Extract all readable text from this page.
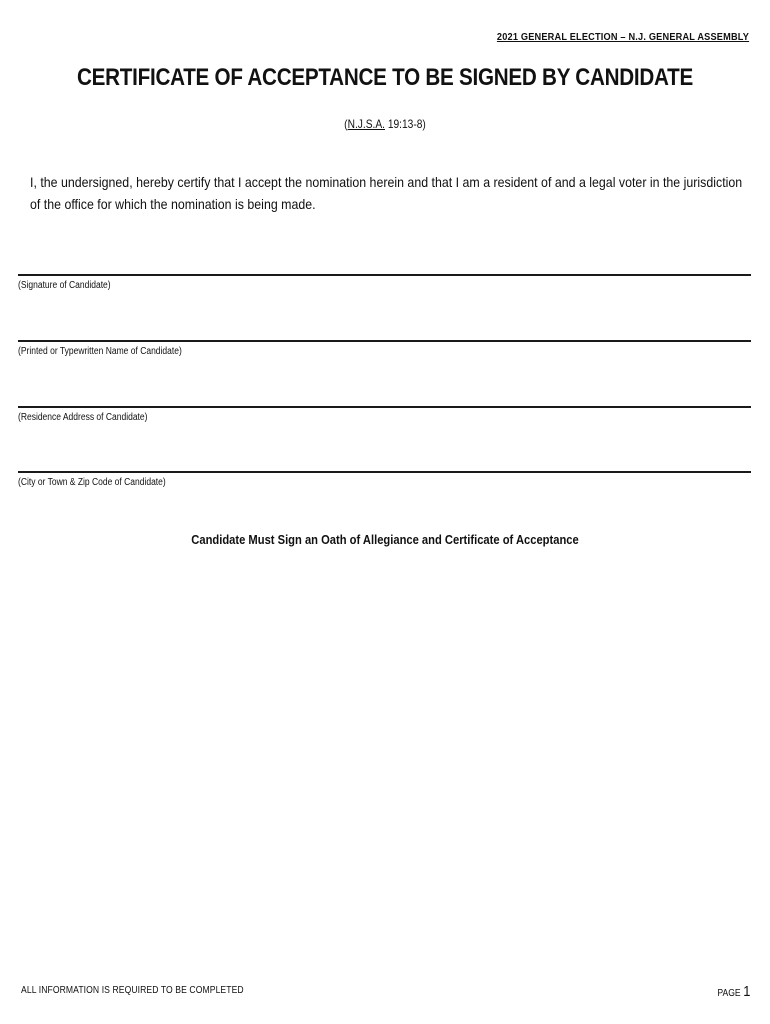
2021 GENERAL ELECTION – N.J. GENERAL ASSEMBLY
CERTIFICATE OF ACCEPTANCE TO BE SIGNED BY CANDIDATE
(N.J.S.A. 19:13-8)
I, the undersigned, hereby certify that I accept the nomination herein and that I am a resident of and a legal voter in the jurisdiction of the office for which the nomination is being made.
(Signature of Candidate)
(Printed or Typewritten Name of Candidate)
(Residence Address of Candidate)
(City or Town & Zip Code of Candidate)
Candidate Must Sign an Oath of Allegiance and Certificate of Acceptance
ALL INFORMATION IS REQUIRED TO BE COMPLETED	PAGE 1
